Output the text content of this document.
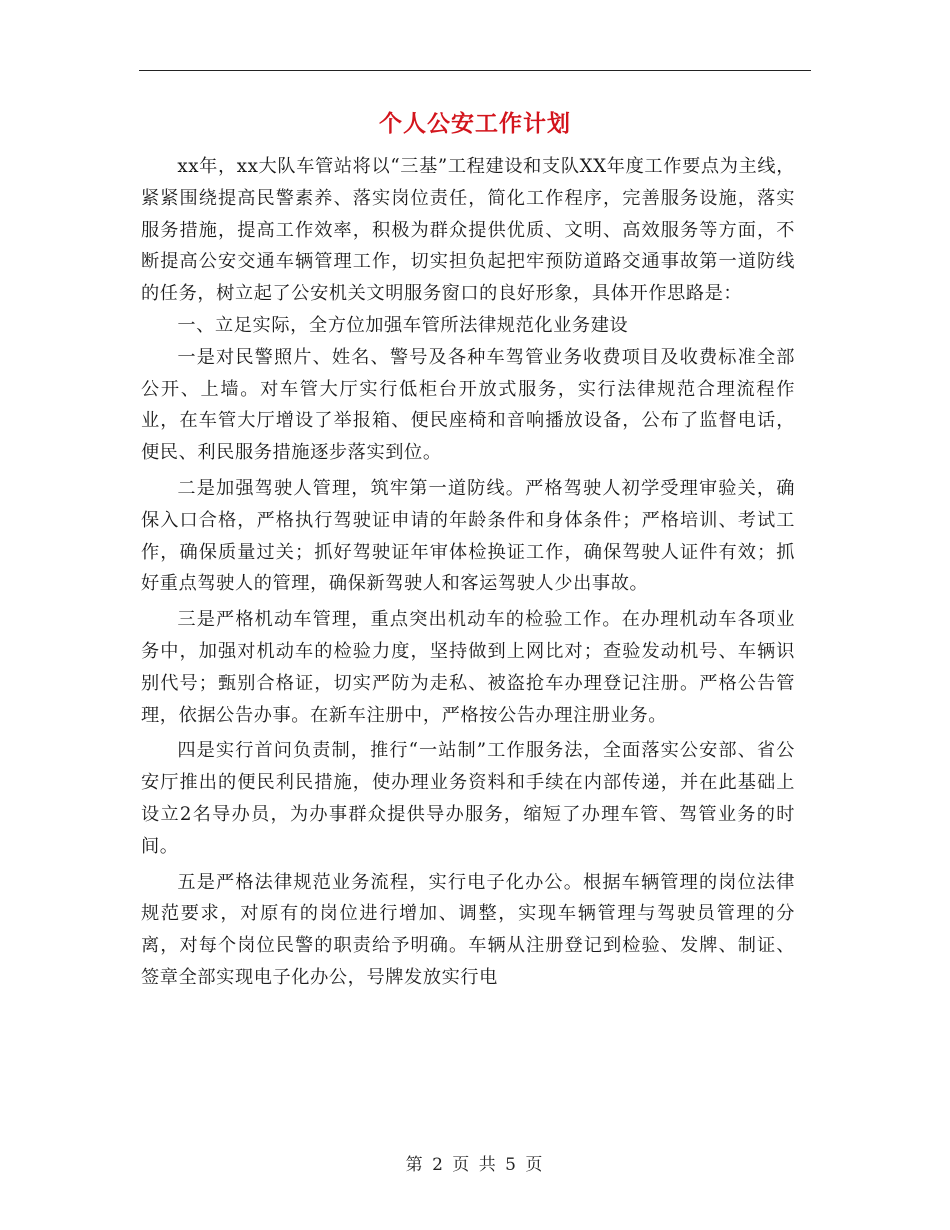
个人公安工作计划

xx年，xx大队车管站将以“三基”工程建设和支队XX年度工作要点为主线，紧紧围绕提高民警素养、落实岗位责任，简化工作程序，完善服务设施，落实服务措施，提高工作效率，积极为群众提供优质、文明、高效服务等方面，不断提高公安交通车辆管理工作，切实担负起把牢预防道路交通事故第一道防线的任务，树立起了公安机关文明服务窗口的良好形象，具体开作思路是：

一、立足实际，全方位加强车管所法律规范化业务建设

一是对民警照片、姓名、警号及各种车驾管业务收费项目及收费标准全部公开、上墙。对车管大厅实行低柜台开放式服务，实行法律规范合理流程作业，在车管大厅增设了举报箱、便民座椅和音响播放设备，公布了监督电话，便民、利民服务措施逐步落实到位。

二是加强驾驶人管理，筑牢第一道防线。严格驾驶人初学受理审验关，确保入口合格，严格执行驾驶证申请的年龄条件和身体条件；严格培训、考试工作，确保质量过关；抓好驾驶证年审体检换证工作，确保驾驶人证件有效；抓好重点驾驶人的管理，确保新驾驶人和客运驾驶人少出事故。

三是严格机动车管理，重点突出机动车的检验工作。在办理机动车各项业务中，加强对机动车的检验力度，坚持做到上网比对；查验发动机号、车辆识别代号；甄别合格证，切实严防为走私、被盗抢车办理登记注册。严格公告管理，依据公告办事。在新车注册中，严格按公告办理注册业务。

四是实行首问负责制，推行“一站制”工作服务法，全面落实公安部、省公安厅推出的便民利民措施，使办理业务资料和手续在内部传递，并在此基础上设立2名导办员，为办事群众提供导办服务，缩短了办理车管、驾管业务的时间。

五是严格法律规范业务流程，实行电子化办公。根据车辆管理的岗位法律规范要求，对原有的岗位进行增加、调整，实现车辆管理与驾驶员管理的分离，对每个岗位民警的职责给予明确。车辆从注册登记到检验、发牌、制证、签章全部实现电子化办公，号牌发放实行电

第 2 页 共 5 页
